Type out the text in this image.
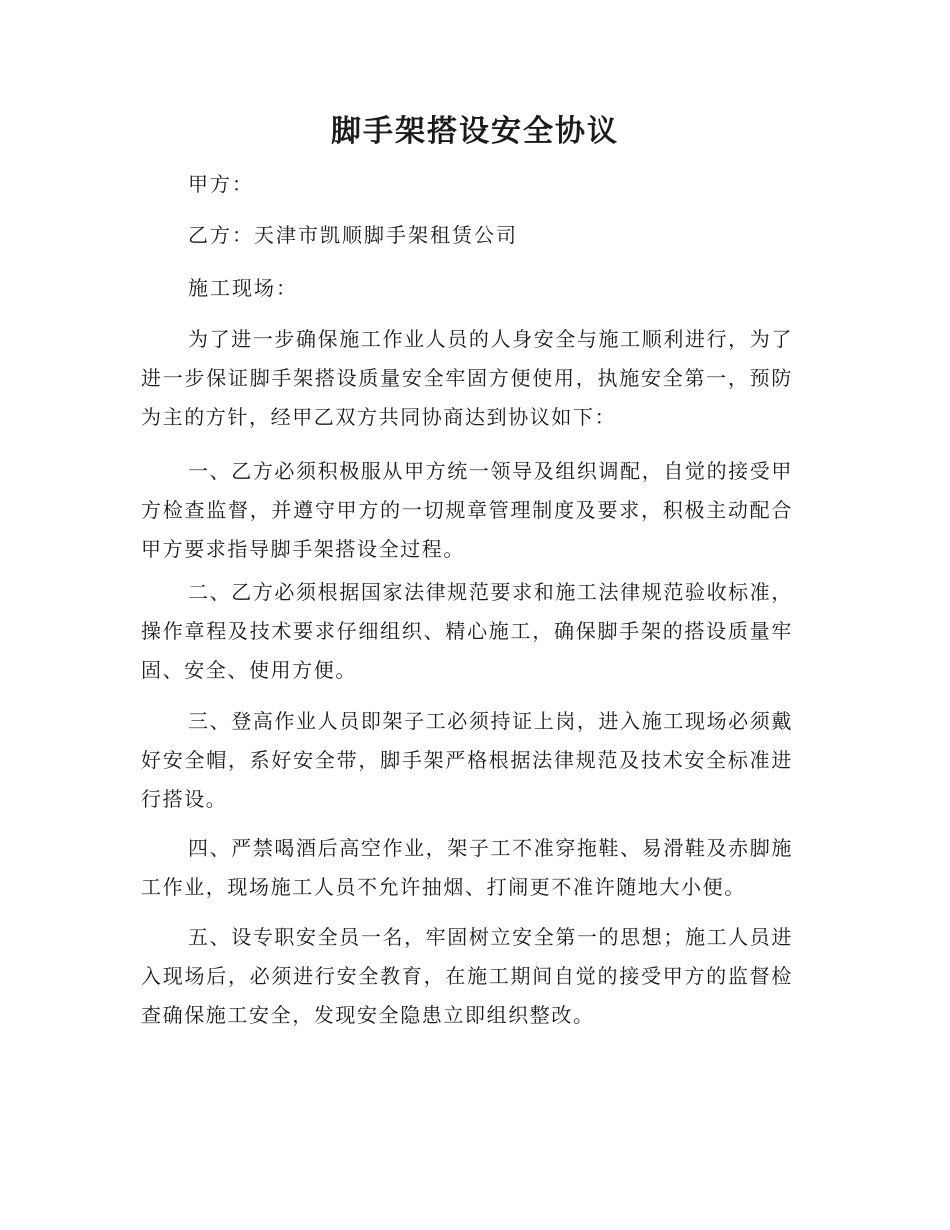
脚手架搭设安全协议

甲方：

乙方：天津市凯顺脚手架租赁公司

施工现场：

为了进一步确保施工作业人员的人身安全与施工顺利进行，为了进一步保证脚手架搭设质量安全牢固方便使用，执施安全第一，预防为主的方针，经甲乙双方共同协商达到协议如下：

一、乙方必须积极服从甲方统一领导及组织调配，自觉的接受甲方检查监督，并遵守甲方的一切规章管理制度及要求，积极主动配合甲方要求指导脚手架搭设全过程。

二、乙方必须根据国家法律规范要求和施工法律规范验收标准，操作章程及技术要求仔细组织、精心施工，确保脚手架的搭设质量牢固、安全、使用方便。

三、登高作业人员即架子工必须持证上岗，进入施工现场必须戴好安全帽，系好安全带，脚手架严格根据法律规范及技术安全标准进行搭设。

四、严禁喝酒后高空作业，架子工不准穿拖鞋、易滑鞋及赤脚施工作业，现场施工人员不允许抽烟、打闹更不准许随地大小便。

五、设专职安全员一名，牢固树立安全第一的思想；施工人员进入现场后，必须进行安全教育，在施工期间自觉的接受甲方的监督检查确保施工安全，发现安全隐患立即组织整改。
